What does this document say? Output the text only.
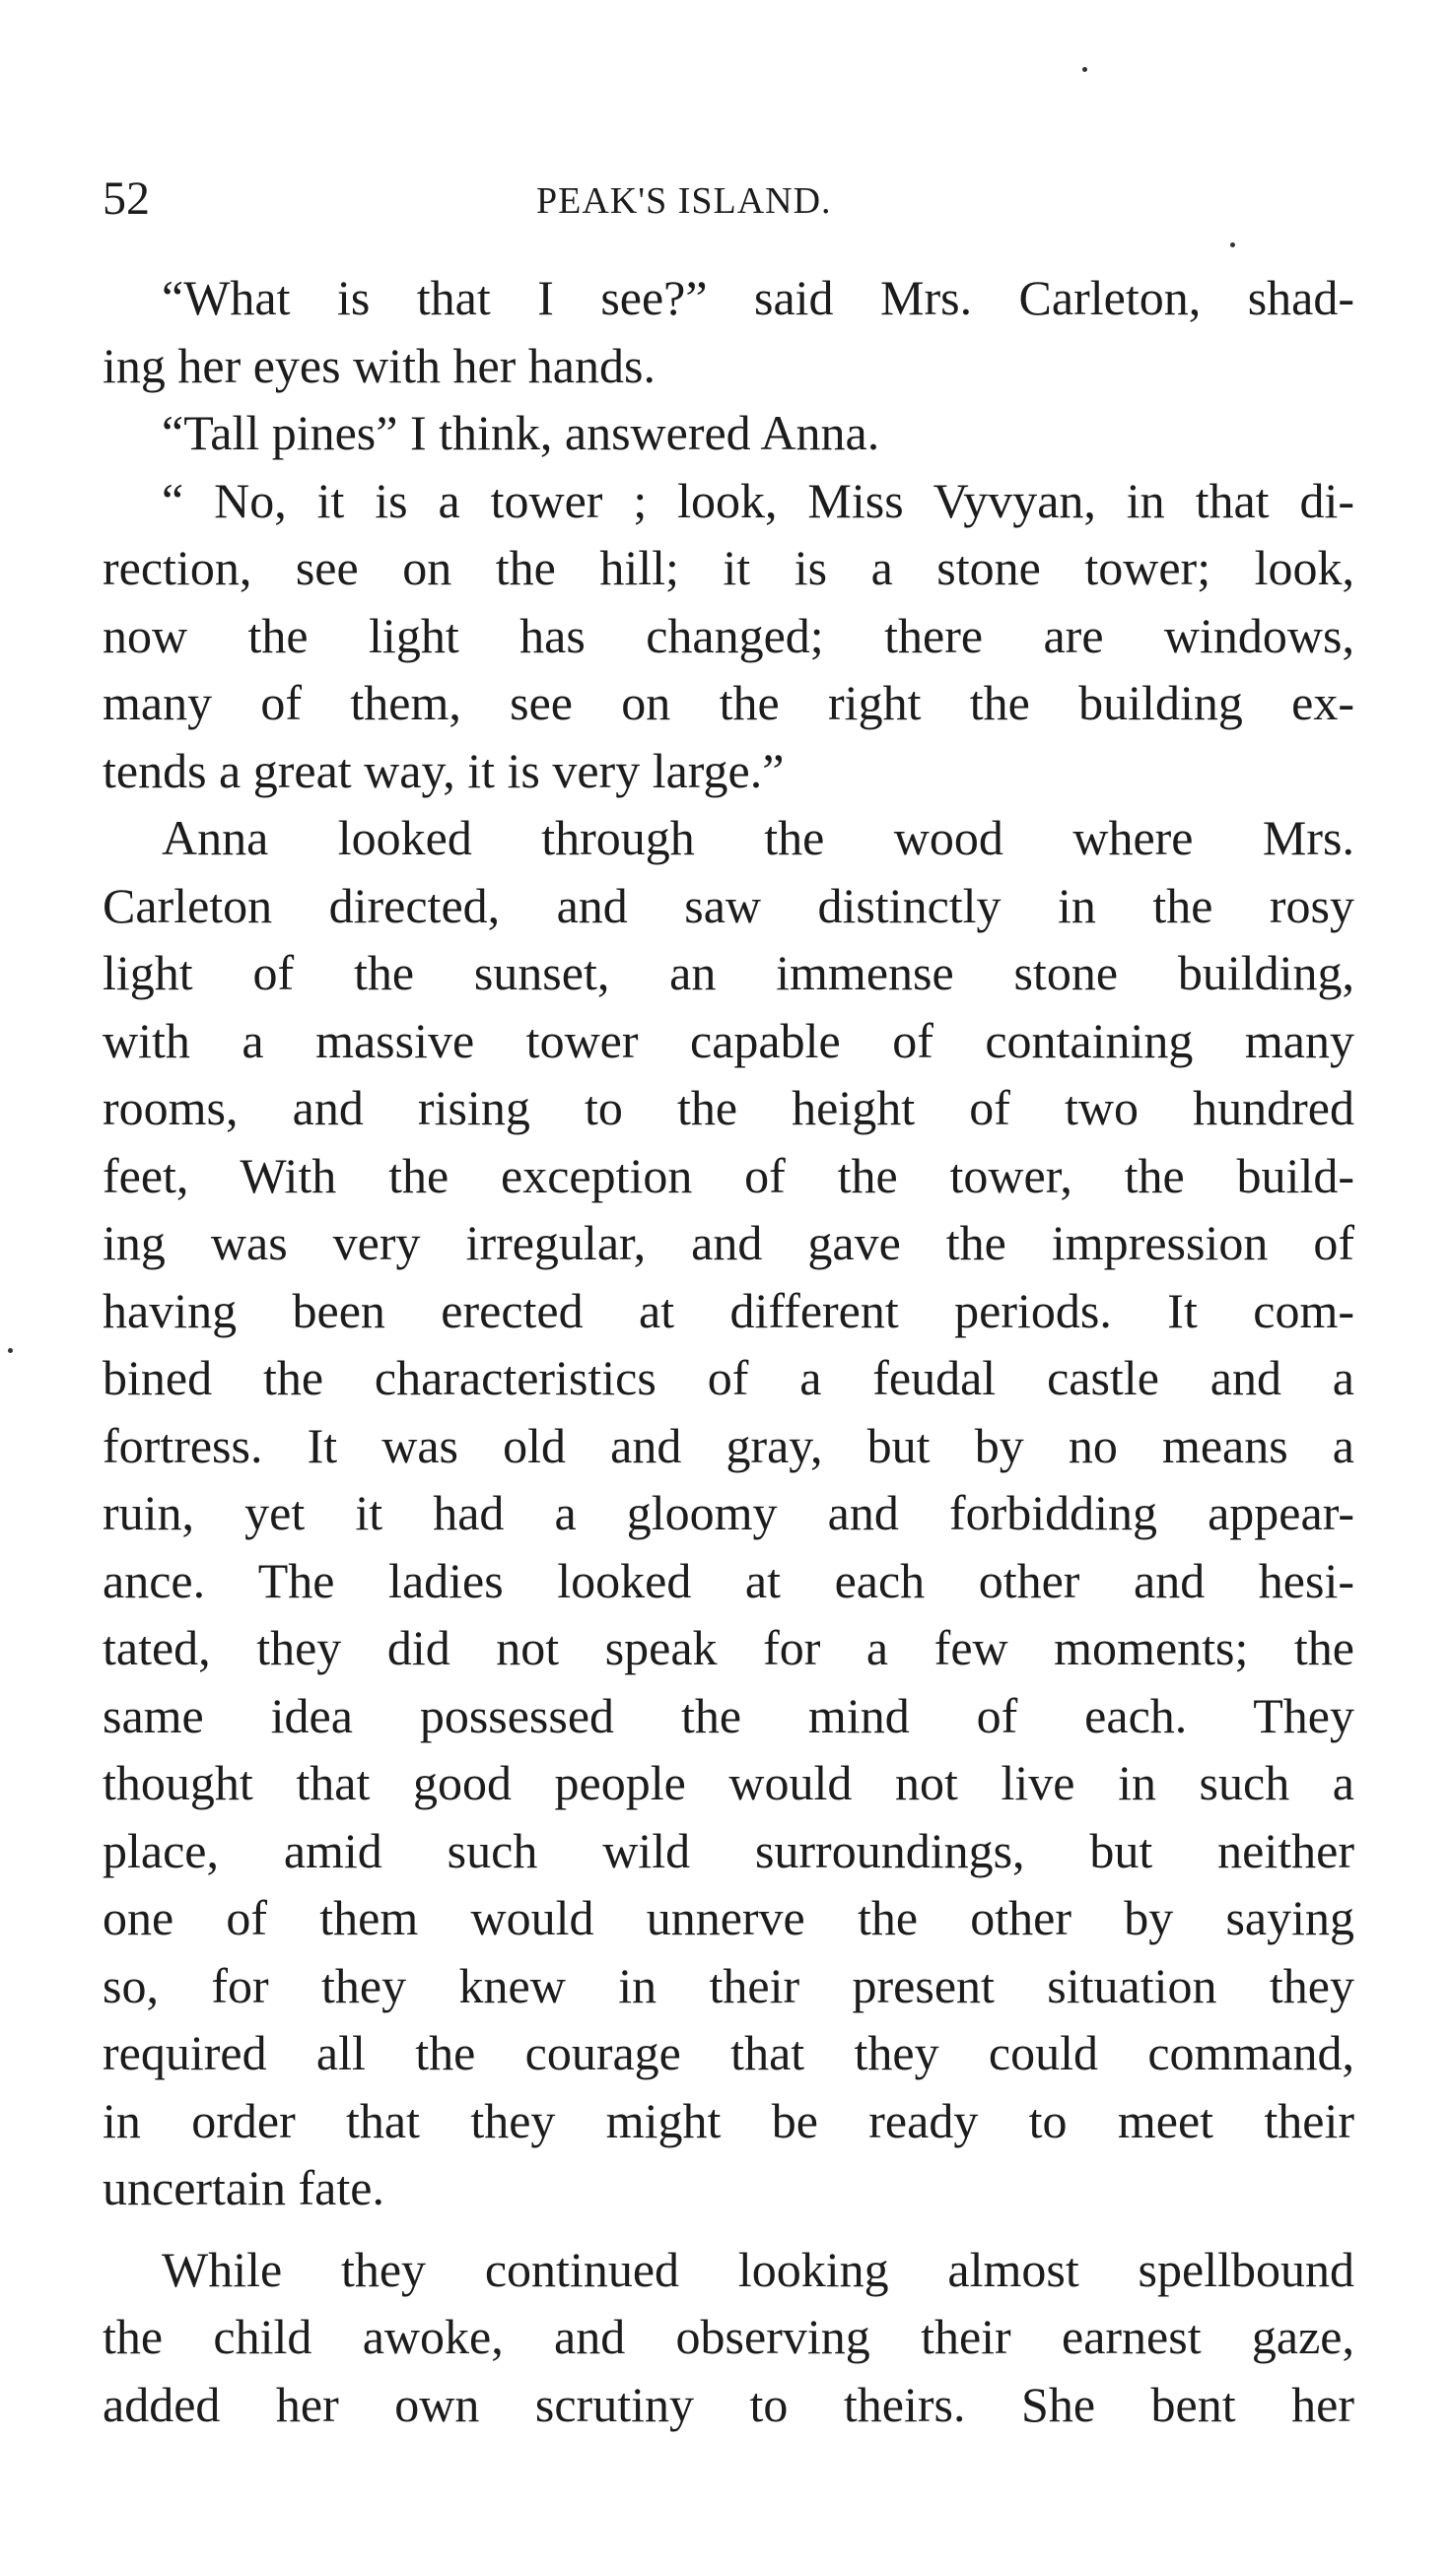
52	PEAK'S ISLAND.
“What is that I see?” said Mrs. Carleton, shad-
ing her eyes with her hands.
“Tall pines” I think, answered Anna.
“ No, it is a tower ; look, Miss Vyvyan, in that di-
rection, see on the hill; it is a stone tower; look,
now the light has changed; there are windows,
many of them, see on the right the building ex-
tends a great way, it is very large.”
Anna looked through the wood where Mrs.
Carleton directed, and saw distinctly in the rosy
light of the sunset, an immense stone building,
with a massive tower capable of containing many
rooms, and rising to the height of two hundred
feet, With the exception of the tower, the build-
ing was very irregular, and gave the impression of
having been erected at different periods. It com-
bined the characteristics of a feudal castle and a
fortress. It was old and gray, but by no means a
ruin, yet it had a gloomy and forbidding appear-
ance. The ladies looked at each other and hesi-
tated, they did not speak for a few moments; the
same idea possessed the mind of each. They
thought that good people would not live in such a
place, amid such wild surroundings, but neither
one of them would unnerve the other by saying
so, for they knew in their present situation they
required all the courage that they could command,
in order that they might be ready to meet their
uncertain fate.
While they continued looking almost spellbound
the child awoke, and observing their earnest gaze,
added her own scrutiny to theirs. She bent her
